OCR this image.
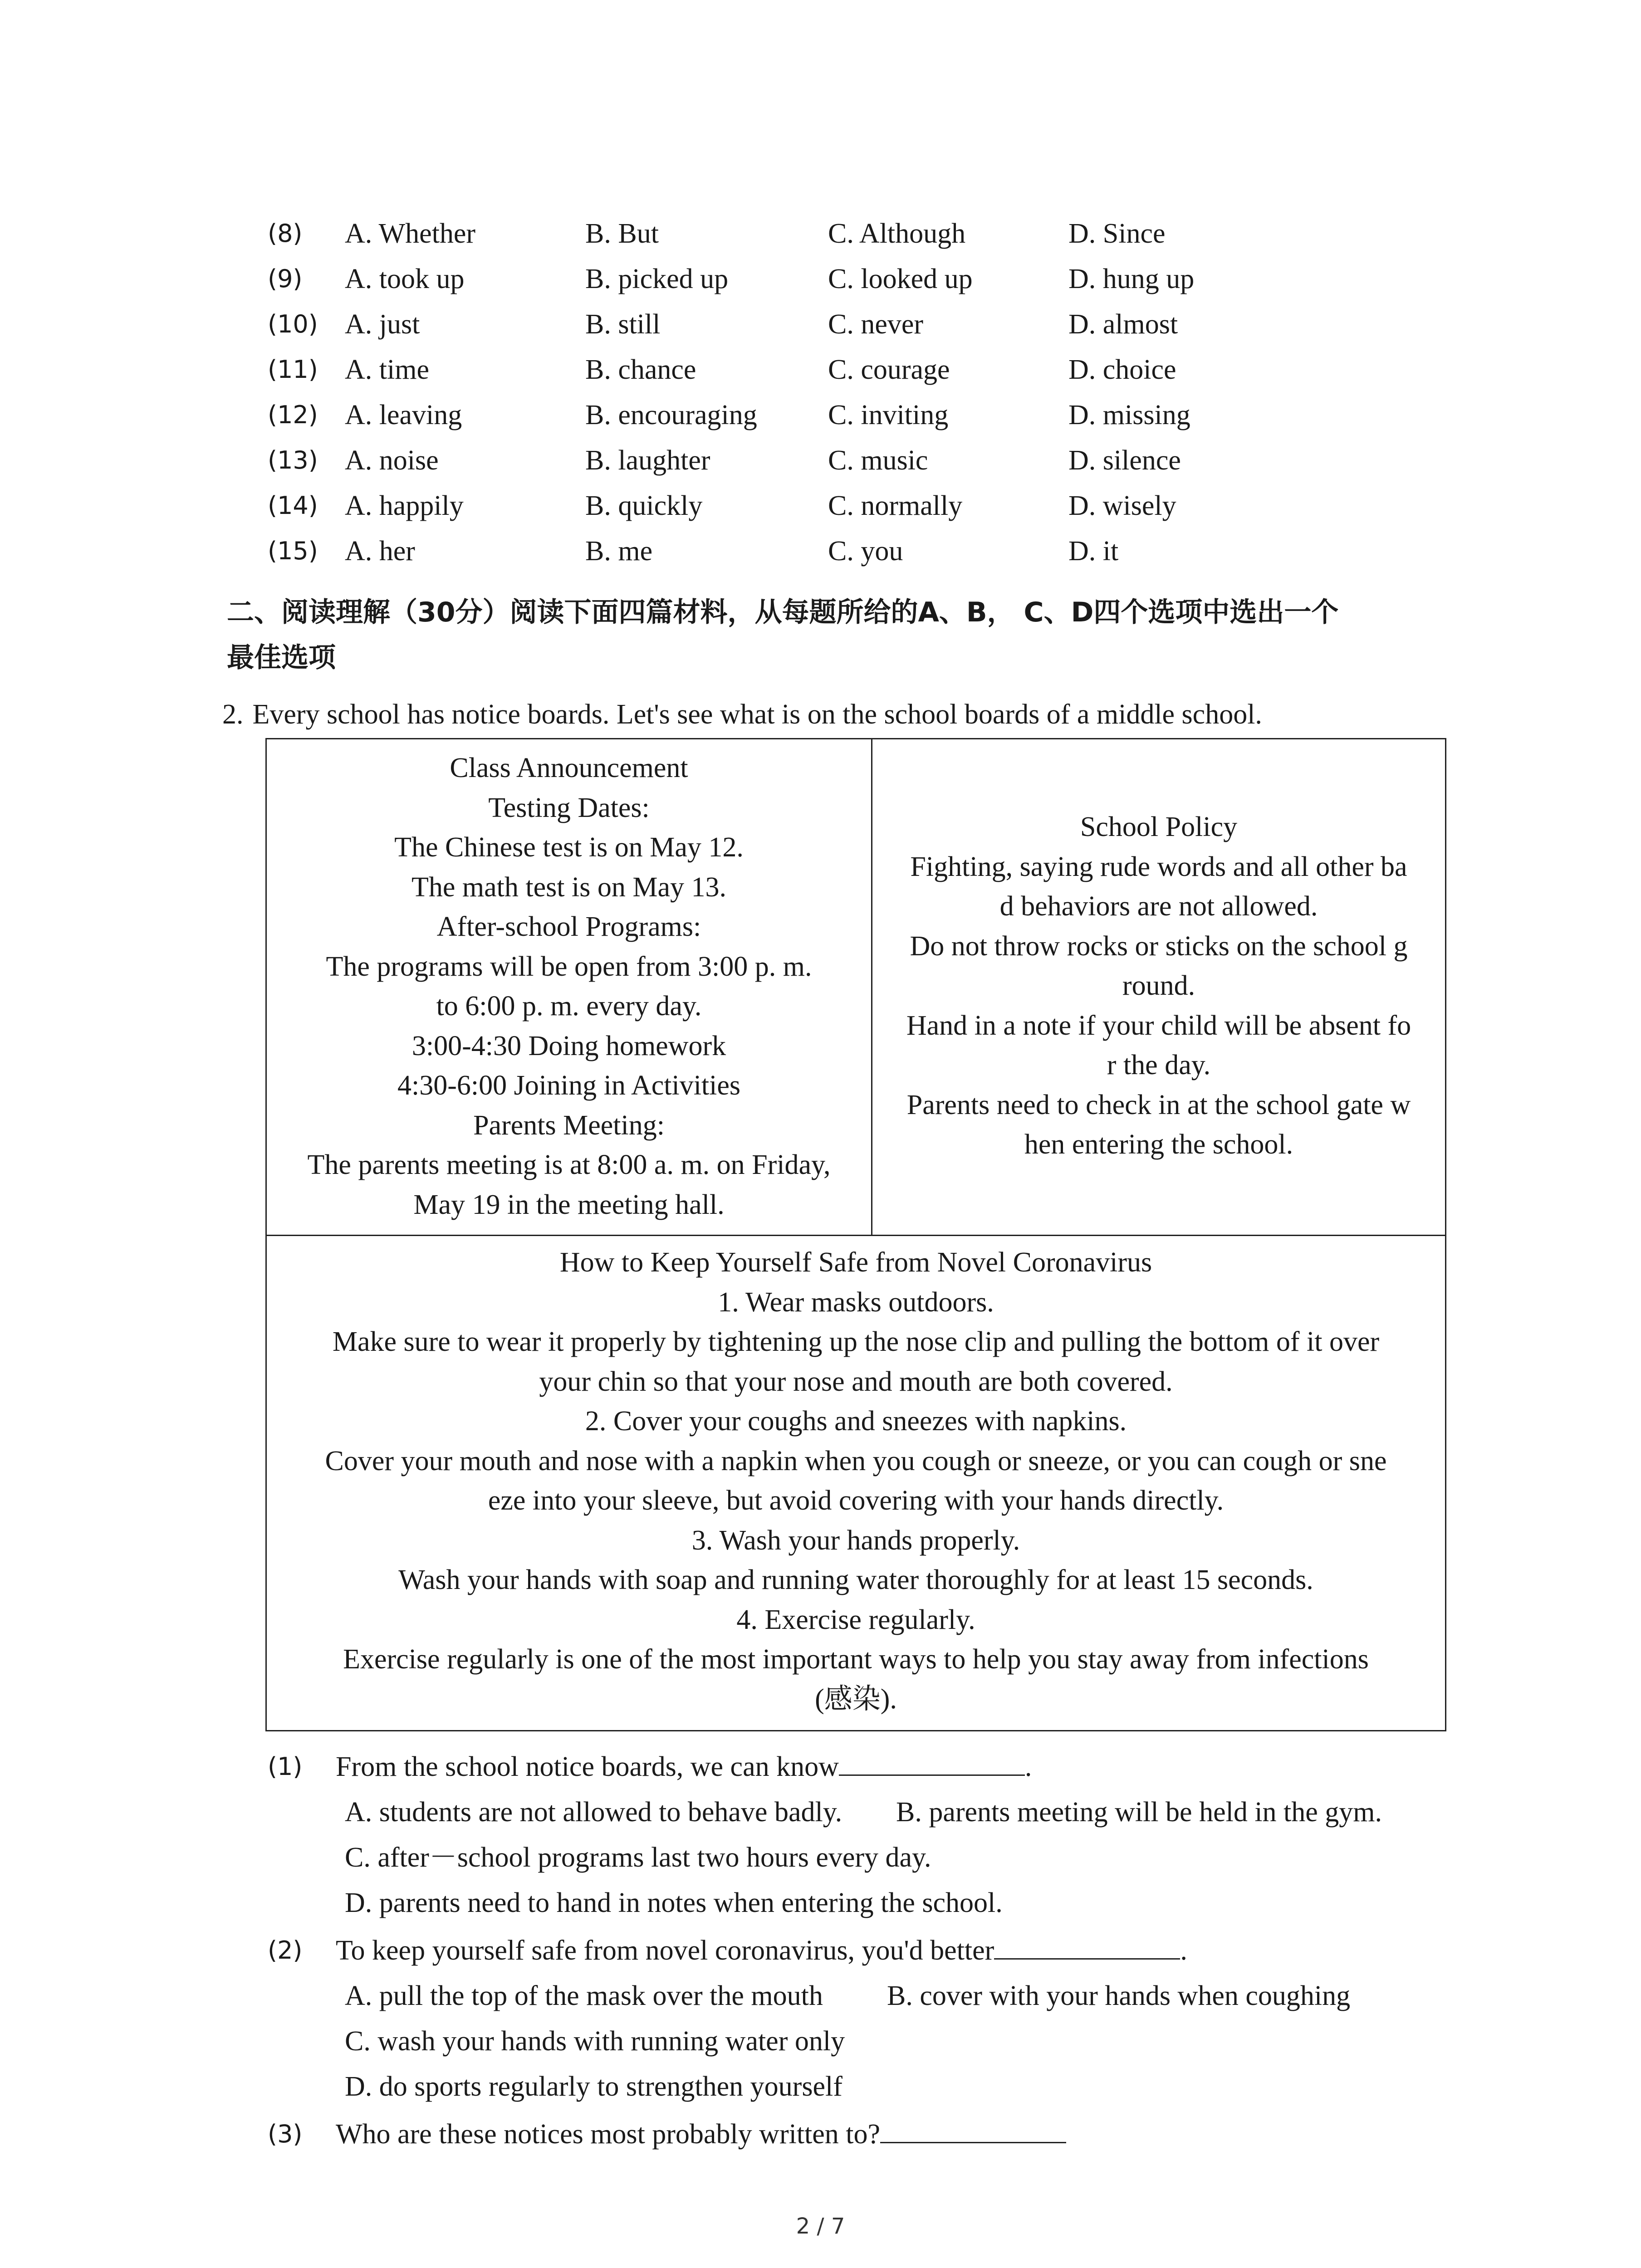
(8) A. Whether	B. But	C. Although	D. Since
(9) A. took up	B. picked up	C. looked up	D. hung up
(10) A. just	B. still	C. never	D. almost
(11) A. time	B. chance	C. courage	D. choice
(12) A. leaving	B. encouraging	C. inviting	D. missing
(13) A. noise	B. laughter	C. music	D. silence
(14) A. happily	B. quickly	C. normally	D. wisely
(15) A. her	B. me	C. you	D. it
二、阅读理解（30分）阅读下面四篇材料，从每题所给的A、B， C、D四个选项中选出一个
最佳选项
2. Every school has notice boards. Let's see what is on the school boards of a middle school.
Class Announcement
Testing Dates:
The Chinese test is on May 12.
The math test is on May 13.
After-school Programs:
The programs will be open from 3:00 p. m.
to 6:00 p. m. every day.
3:00-4:30 Doing homework
4:30-6:00 Joining in Activities
Parents Meeting:
The parents meeting is at 8:00 a. m. on Friday,
May 19 in the meeting hall.
School Policy
Fighting, saying rude words and all other ba
d behaviors are not allowed.
Do not throw rocks or sticks on the school g
round.
Hand in a note if your child will be absent fo
r the day.
Parents need to check in at the school gate w
hen entering the school.
How to Keep Yourself Safe from Novel Coronavirus
1. Wear masks outdoors.
Make sure to wear it properly by tightening up the nose clip and pulling the bottom of it over
your chin so that your nose and mouth are both covered.
2. Cover your coughs and sneezes with napkins.
Cover your mouth and nose with a napkin when you cough or sneeze, or you can cough or sne
eze into your sleeve, but avoid covering with your hands directly.
3. Wash your hands properly.
Wash your hands with soap and running water thoroughly for at least 15 seconds.
4. Exercise regularly.
Exercise regularly is one of the most important ways to help you stay away from infections
(感染).
(1) From the school notice boards, we can know	.
A. students are not allowed to behave badly. B. parents meeting will be held in the gym.
C. after－school programs last two hours every day.
D. parents need to hand in notes when entering the school.
(2) To keep yourself safe from novel coronavirus, you'd better	.
A. pull the top of the mask over the mouth B. cover with your hands when coughing
C. wash your hands with running water only
D. do sports regularly to strengthen yourself
(3) Who are these notices most probably written to?
2 / 7
